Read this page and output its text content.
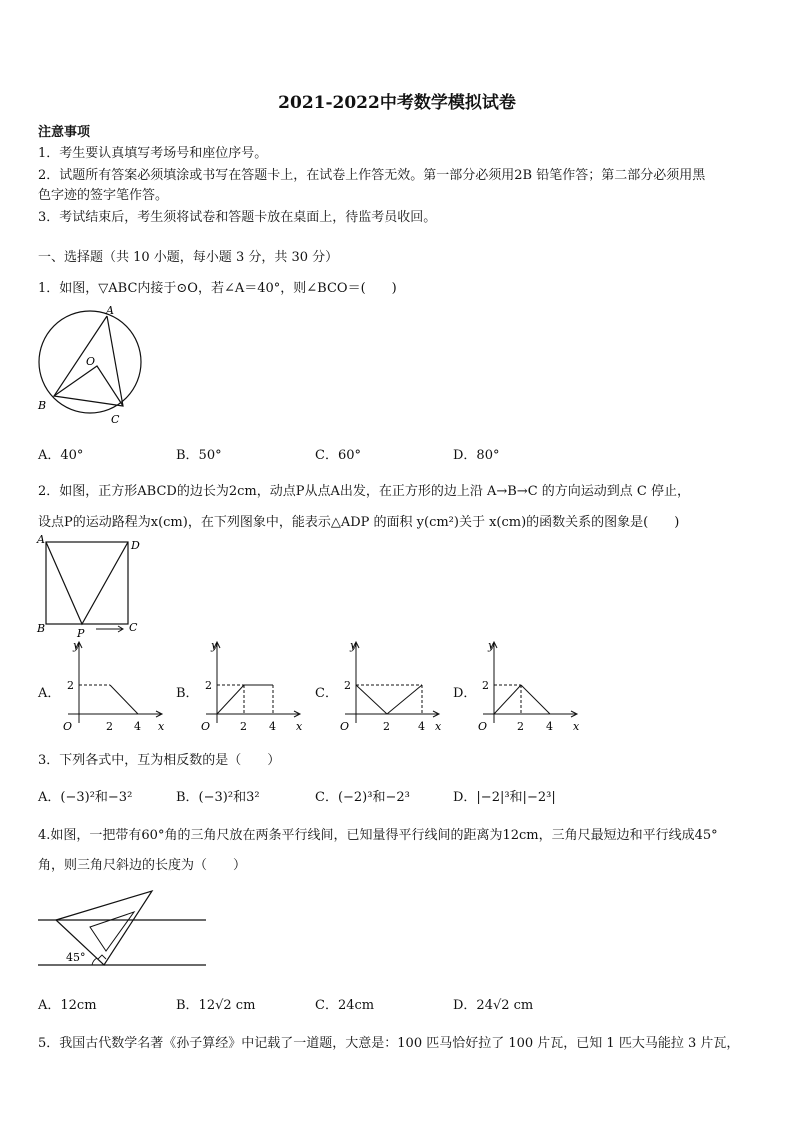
2021-2022中考数学模拟试卷
注意事项
1．考生要认真填写考场号和座位序号。
2．试题所有答案必须填涂或书写在答题卡上，在试卷上作答无效。第一部分必须用2B 铅笔作答；第二部分必须用黑
色字迹的签字笔作答。
3．考试结束后，考生须将试卷和答题卡放在桌面上，待监考员收回。
一、选择题（共 10 小题，每小题 3 分，共 30 分）
1．如图，▽ABC内接于⊙O，若∠A＝40°，则∠BCO＝(　　)
A
O
B
C
A．40°	B．50°	C．60°	D．80°
2．如图，正方形ABCD的边长为2cm，动点P从点A出发，在正方形的边上沿 A→B→C 的方向运动到点 C 停止，
设点P的运动路程为x(cm)，在下列图象中，能表示△ADP 的面积 y(cm²)关于 x(cm)的函数关系的图象是(　　)
A	D
B	P	C
A．
y
O
2
2 4 x
B．
y
O
2
2 4 x
C．
y
O
2
2	4 x
D．
y
O
2
2 4 x
3．下列各式中，互为相反数的是（　　）
A．(−3)²和−3²	B．(−3)²和3²	C．(−2)³和−2³	D．|−2|³和|−2³|
4.如图，一把带有60°角的三角尺放在两条平行线间，已知量得平行线间的距离为12cm，三角尺最短边和平行线成45°
角，则三角尺斜边的长度为（　　）
45°
A．12cm	B．12√2 cm	C．24cm	D．24√2 cm
5．我国古代数学名著《孙子算经》中记载了一道题，大意是：100 匹马恰好拉了 100 片瓦，已知 1 匹大马能拉 3 片瓦，
